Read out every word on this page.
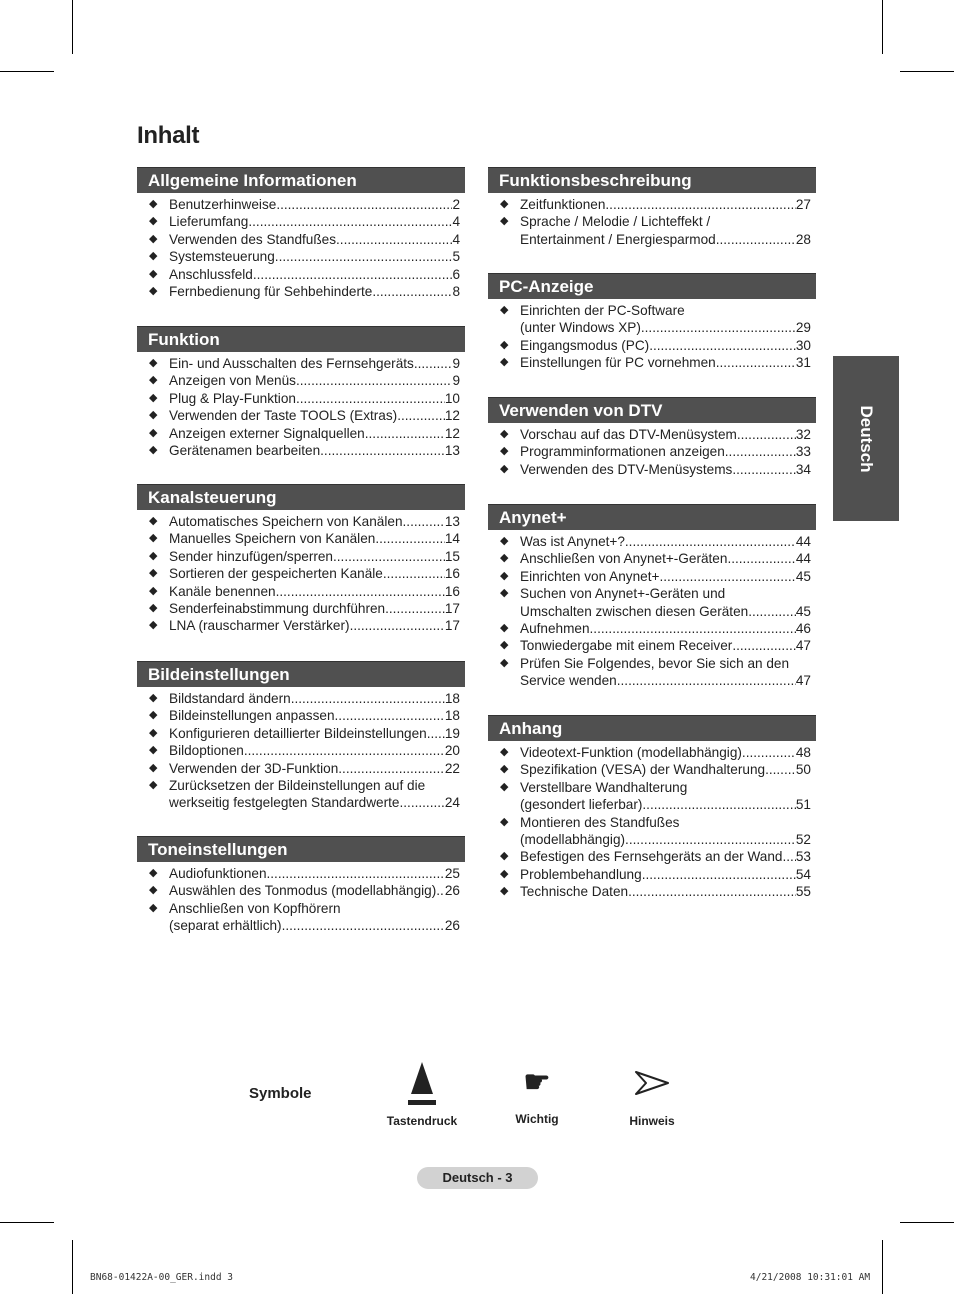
Inhalt
Deutsch
Allgemeine Informationen
◆ Benutzerhinweise .....	2
◆ Lieferumfang .....	4
◆ Verwenden des Standfußes .....	4
◆ Systemsteuerung .....	5
◆ Anschlussfeld .....	6
◆ Fernbedienung für Sehbehinderte .....	8
Funktion
◆ Ein- und Ausschalten des Fernsehgeräts .....	9
◆ Anzeigen von Menüs .....	9
◆ Plug & Play-Funktion .....	10
◆ Verwenden der Taste TOOLS (Extras) .....	12
◆ Anzeigen externer Signalquellen .....	12
◆ Gerätenamen bearbeiten .....	13
Kanalsteuerung
◆ Automatisches Speichern von Kanälen .....	13
◆ Manuelles Speichern von Kanälen .....	14
◆ Sender hinzufügen/sperren .....	15
◆ Sortieren der gespeicherten Kanäle .....	16
◆ Kanäle benennen .....	16
◆ Senderfeinabstimmung durchführen .....	17
◆ LNA (rauscharmer Verstärker) .....	17
Bildeinstellungen
◆ Bildstandard ändern .....	18
◆ Bildeinstellungen anpassen .....	18
◆ Konfigurieren detaillierter Bildeinstellungen ..... 19
◆ Bildoptionen .....	20
◆ Verwenden der 3D-Funktion .....	22
◆ Zurücksetzen der Bildeinstellungen auf die
werkseitig festgelegten Standardwerte .....	24
Toneinstellungen
◆ Audiofunktionen .....	25
◆ Auswählen des Tonmodus (modellabhängig) ..... 26
◆ Anschließen von Kopfhörern
(separat erhältlich) .....	26
Funktionsbeschreibung
◆ Zeitfunktionen .....	27
◆ Sprache / Melodie / Lichteffekt /
Entertainment / Energiesparmod. .....	28
PC-Anzeige
◆ Einrichten der PC-Software
(unter Windows XP) .....	29
◆ Eingangsmodus (PC) .....	30
◆ Einstellungen für PC vornehmen .....	31
Verwenden von DTV
◆ Vorschau auf das DTV-Menüsystem .....	32
◆ Programminformationen anzeigen .....	33
◆ Verwenden des DTV-Menüsystems .....	34
Anynet+
◆ Was ist Anynet+? .....	44
◆ Anschließen von Anynet+-Geräten .....	44
◆ Einrichten von Anynet+ .....	45
◆ Suchen von Anynet+-Geräten und
Umschalten zwischen diesen Geräten .....	45
◆ Aufnehmen .....	46
◆ Tonwiedergabe mit einem Receiver .....	47
◆ Prüfen Sie Folgendes, bevor Sie sich an den
Service wenden .....	47
Anhang
◆ Videotext-Funktion (modellabhängig) .....	48
◆ Spezifikation (VESA) der Wandhalterung ..... 50
◆ Verstellbare Wandhalterung
(gesondert lieferbar) .....	51
◆ Montieren des Standfußes
(modellabhängig) .....	52
◆ Befestigen des Fernsehgeräts an der Wand ..... 53
◆ Problembehandlung .....	54
◆ Technische Daten .....	55
Symbole
Tastendruck
☛
Wichtig	Hinweis
Deutsch - 3
BN68-01422A-00_GER.indd 3	4/21/2008 10:31:01 AM
